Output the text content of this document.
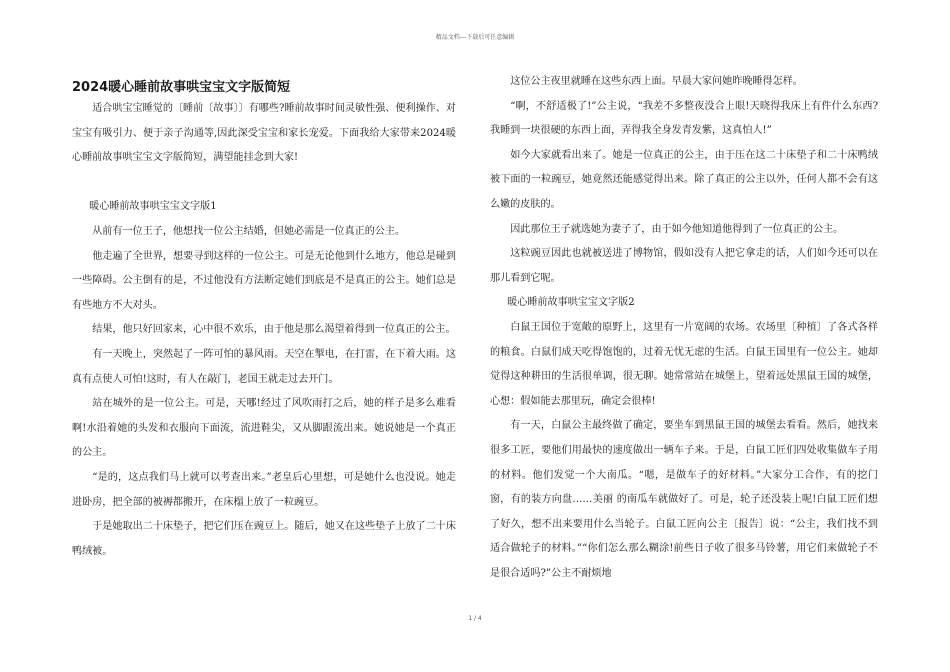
精品文档---下载后可任意编辑
2024暖心睡前故事哄宝宝文字版简短

适合哄宝宝睡觉的〔睡前〔故事〕〕有哪些?睡前故事时间灵敏性强、便利操作、对宝宝有吸引力、便于亲子沟通等,因此深受宝宝和家长宠爱。下面我给大家带来2024暖心睡前故事哄宝宝文字版简短，满望能挂念到大家!

暖心睡前故事哄宝宝文字版1

从前有一位王子，他想找一位公主结婚，但她必需是一位真正的公主。

他走遍了全世界，想要寻到这样的一位公主。可是无论他到什么地方，他总是碰到一些障碍。公主倒有的是，不过他没有方法断定她们到底是不是真正的公主。她们总是有些地方不大对头。

结果，他只好回家来，心中很不欢乐，由于他是那么渴望着得到一位真正的公主。

有一天晚上，突然起了一阵可怕的暴风雨。天空在掣电，在打雷，在下着大雨。这真有点使人可怕!这时，有人在敲门，老国王就走过去开门。

站在城外的是一位公主。可是，天哪!经过了风吹雨打之后，她的样子是多么难看啊!水沿着她的头发和衣服向下面流，流进鞋尖，又从脚跟流出来。她说她是一个真正的公主。

“是的，这点我们马上就可以考查出来。”老皇后心里想，可是她什么也没说。她走进卧房，把全部的被褥都搬开，在床榻上放了一粒豌豆。

于是她取出二十床垫子，把它们压在豌豆上。随后，她又在这些垫子上放了二十床鸭绒被。

这位公主夜里就睡在这些东西上面。早晨大家问她昨晚睡得怎样。

“啊，不舒适极了!”公主说，“我差不多整夜没合上眼!天晓得我床上有件什么东西?我睡到一块很硬的东西上面，弄得我全身发青发紫，这真怕人!”

如今大家就看出来了。她是一位真正的公主，由于压在这二十床垫子和二十床鸭绒被下面的一粒豌豆，她竟然还能感觉得出来。除了真正的公主以外，任何人都不会有这么嫩的皮肤的。

因此那位王子就选她为妻子了，由于如今他知道他得到了一位真正的公主。

这粒豌豆因此也就被送进了博物馆，假如没有人把它拿走的话，人们如今还可以在那儿看到它呢。

暖心睡前故事哄宝宝文字版2

白鼠王国位于宽敞的原野上，这里有一片宽阔的农场。农场里〔种植〕了各式各样的粮食。白鼠们成天吃得饱饱的，过着无忧无虑的生活。白鼠王国里有一位公主。她却觉得这种耕田的生活很单调，很无聊。她常常站在城堡上，望着远处黑鼠王国的城堡，心想：假如能去那里玩，确定会很棒!

有一天，白鼠公主最终做了确定，要坐车到黑鼠王国的城堡去看看。然后，她找来很多工匠，要他们用最快的速度做出一辆车子来。于是，白鼠工匠们四处收集做车子用的材料。他们发觉一个大南瓜。“嗯，是做车子的好材料。”大家分工合作，有的挖门窗，有的装方向盘……美丽 的南瓜车就做好了。可是，轮子还没装上呢!白鼠工匠们想了好久，想不出来要用什么当轮子。白鼠工匠向公主〔报告〕说：“公主，我们找不到适合做轮子的材料。”“你们怎么那么糊涂!前些日子收了很多马铃薯，用它们来做轮子不是很合适吗?”公主不耐烦地

1 / 4
